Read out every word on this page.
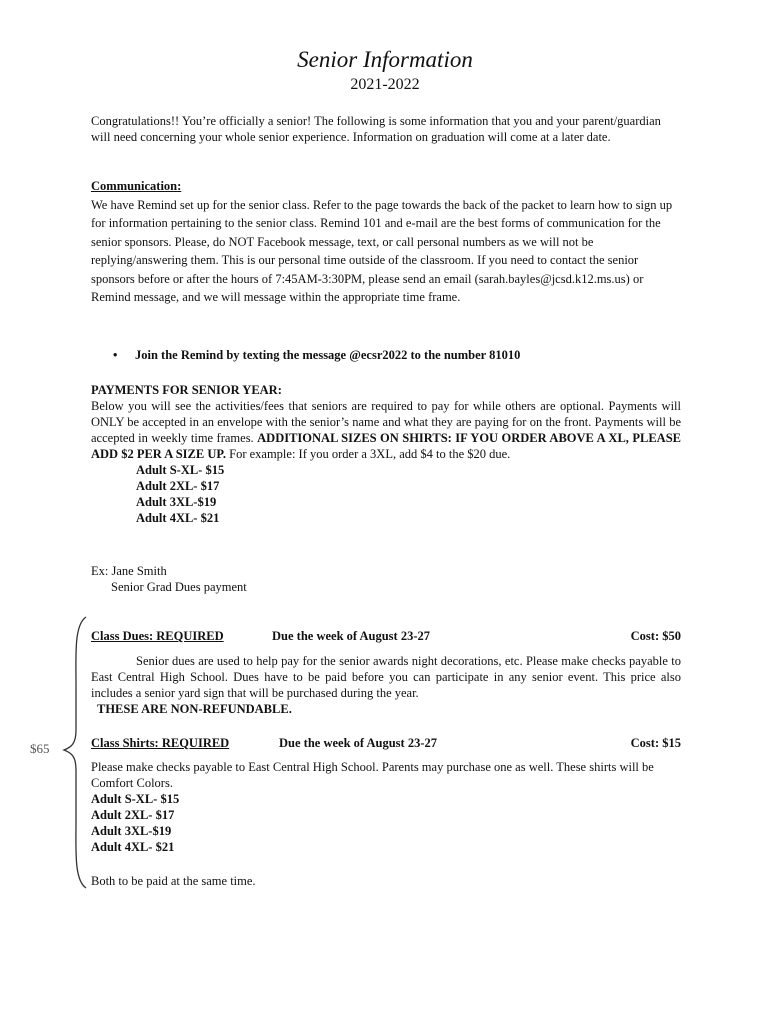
Senior Information
2021-2022
Congratulations!! You’re officially a senior! The following is some information that you and your parent/guardian will need concerning your whole senior experience. Information on graduation will come at a later date.
Communication:
We have Remind set up for the senior class. Refer to the page towards the back of the packet to learn how to sign up for information pertaining to the senior class. Remind 101 and e-mail are the best forms of communication for the senior sponsors. Please, do NOT Facebook message, text, or call personal numbers as we will not be replying/answering them. This is our personal time outside of the classroom. If you need to contact the senior sponsors before or after the hours of 7:45AM-3:30PM, please send an email (sarah.bayles@jcsd.k12.ms.us) or Remind message, and we will message within the appropriate time frame.
• Join the Remind by texting the message @ecsr2022 to the number 81010
PAYMENTS FOR SENIOR YEAR:
Below you will see the activities/fees that seniors are required to pay for while others are optional. Payments will ONLY be accepted in an envelope with the senior’s name and what they are paying for on the front. Payments will be accepted in weekly time frames. ADDITIONAL SIZES ON SHIRTS: IF YOU ORDER ABOVE A XL, PLEASE ADD $2 PER A SIZE UP. For example: If you order a 3XL, add $4 to the $20 due.
Adult S-XL- $15
Adult 2XL- $17
Adult 3XL-$19
Adult 4XL- $21
Ex: Jane Smith
Senior Grad Dues payment
$65
Class Dues: REQUIRED	Due the week of August 23-27	Cost: $50
Senior dues are used to help pay for the senior awards night decorations, etc. Please make checks payable to East Central High School. Dues have to be paid before you can participate in any senior event. This price also includes a senior yard sign that will be purchased during the year.
THESE ARE NON-REFUNDABLE.
Class Shirts: REQUIRED	Due the week of August 23-27	Cost: $15
Please make checks payable to East Central High School. Parents may purchase one as well. These shirts will be Comfort Colors.
Adult S-XL- $15
Adult 2XL- $17
Adult 3XL-$19
Adult 4XL- $21
Both to be paid at the same time.
